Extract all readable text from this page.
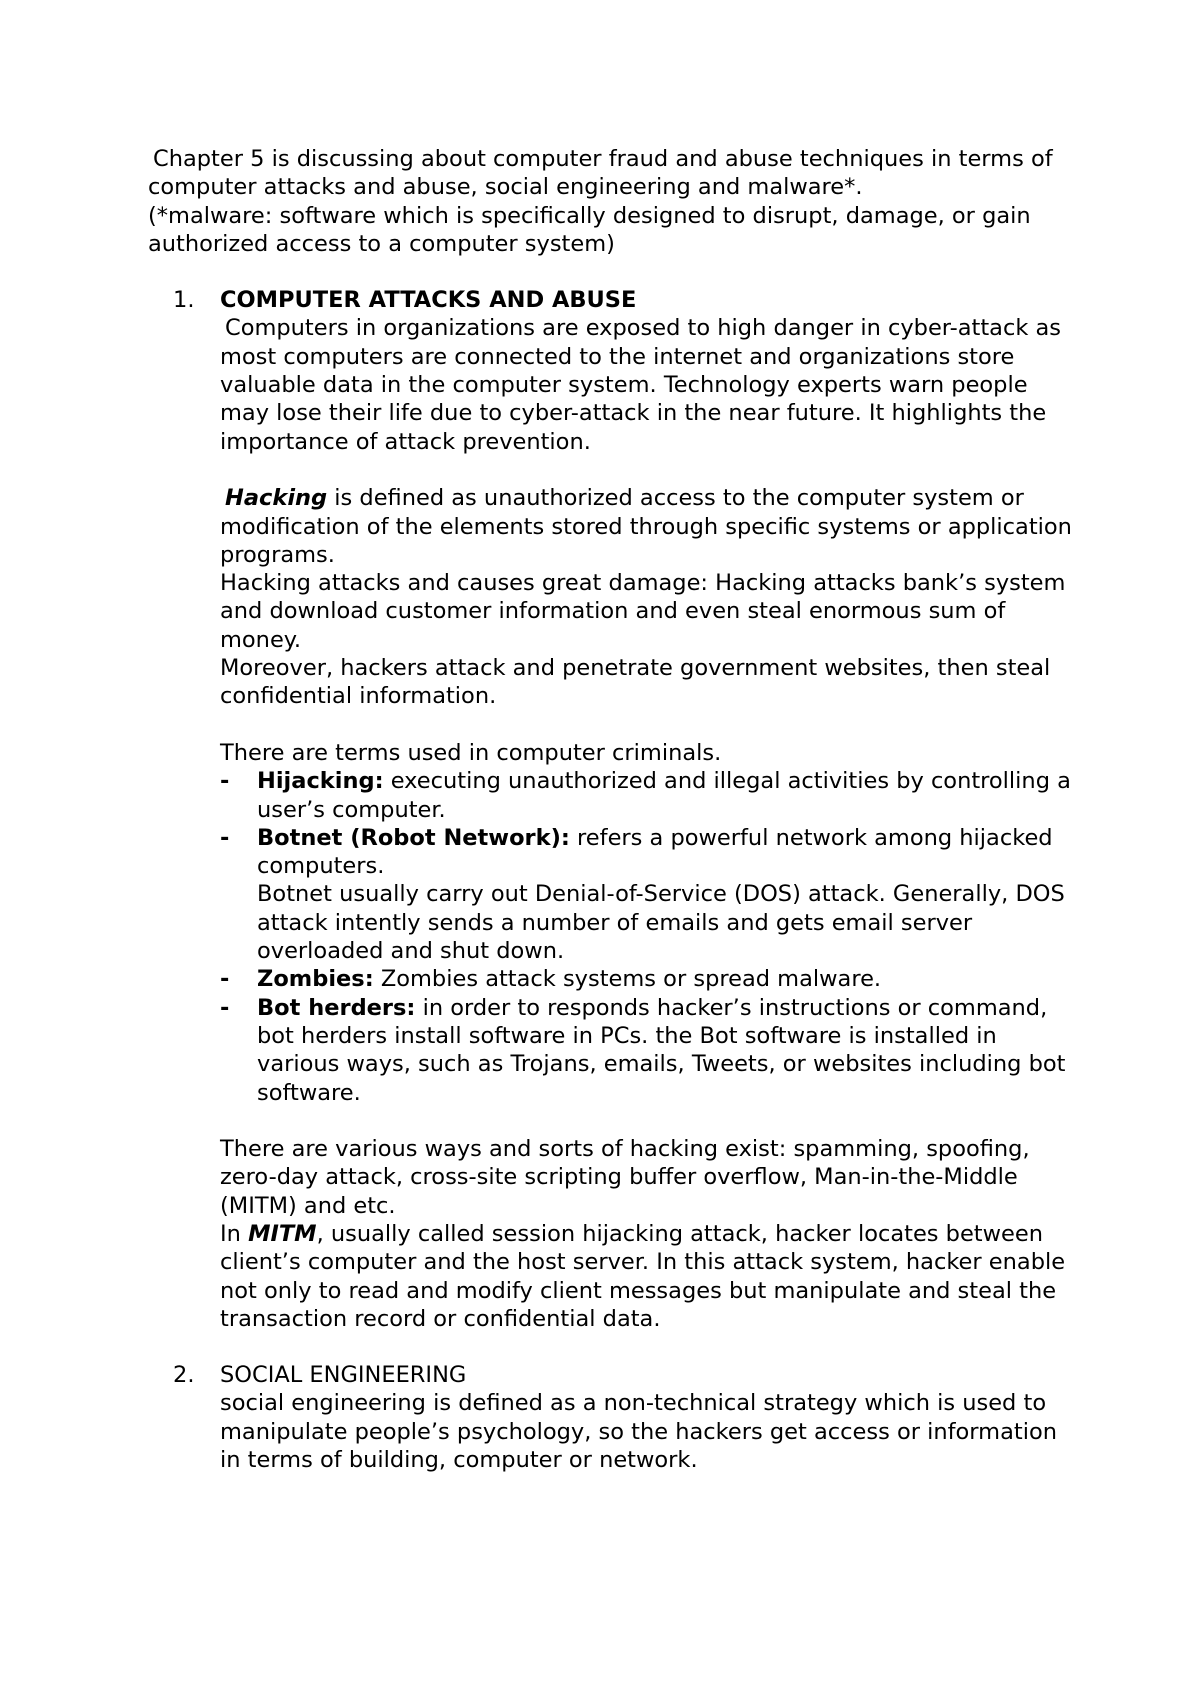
Chapter 5 is discussing about computer fraud and abuse techniques in terms of computer attacks and abuse, social engineering and malware*.
(*malware: software which is specifically designed to disrupt, damage, or gain authorized access to a computer system)

1. COMPUTER ATTACKS AND ABUSE

Computers in organizations are exposed to high danger in cyber-attack as most computers are connected to the internet and organizations store valuable data in the computer system. Technology experts warn people may lose their life due to cyber-attack in the near future. It highlights the importance of attack prevention.

Hacking is defined as unauthorized access to the computer system or modification of the elements stored through specific systems or application programs.

Hacking attacks and causes great damage: Hacking attacks bank’s system and download customer information and even steal enormous sum of money.

Moreover, hackers attack and penetrate government websites, then steal confidential information.

There are terms used in computer criminals.

- Hijacking: executing unauthorized and illegal activities by controlling a user’s computer.
- Botnet (Robot Network): refers a powerful network among hijacked computers.
Botnet usually carry out Denial-of-Service (DOS) attack. Generally, DOS attack intently sends a number of emails and gets email server overloaded and shut down.
- Zombies: Zombies attack systems or spread malware.
- Bot herders: in order to responds hacker’s instructions or command, bot herders install software in PCs. the Bot software is installed in various ways, such as Trojans, emails, Tweets, or websites including bot software.

There are various ways and sorts of hacking exist: spamming, spoofing, zero-day attack, cross-site scripting buffer overflow, Man-in-the-Middle (MITM) and etc.

In MITM, usually called session hijacking attack, hacker locates between client’s computer and the host server. In this attack system, hacker enable not only to read and modify client messages but manipulate and steal the transaction record or confidential data.

2. SOCIAL ENGINEERING

social engineering is defined as a non-technical strategy which is used to manipulate people’s psychology, so the hackers get access or information in terms of building, computer or network.
